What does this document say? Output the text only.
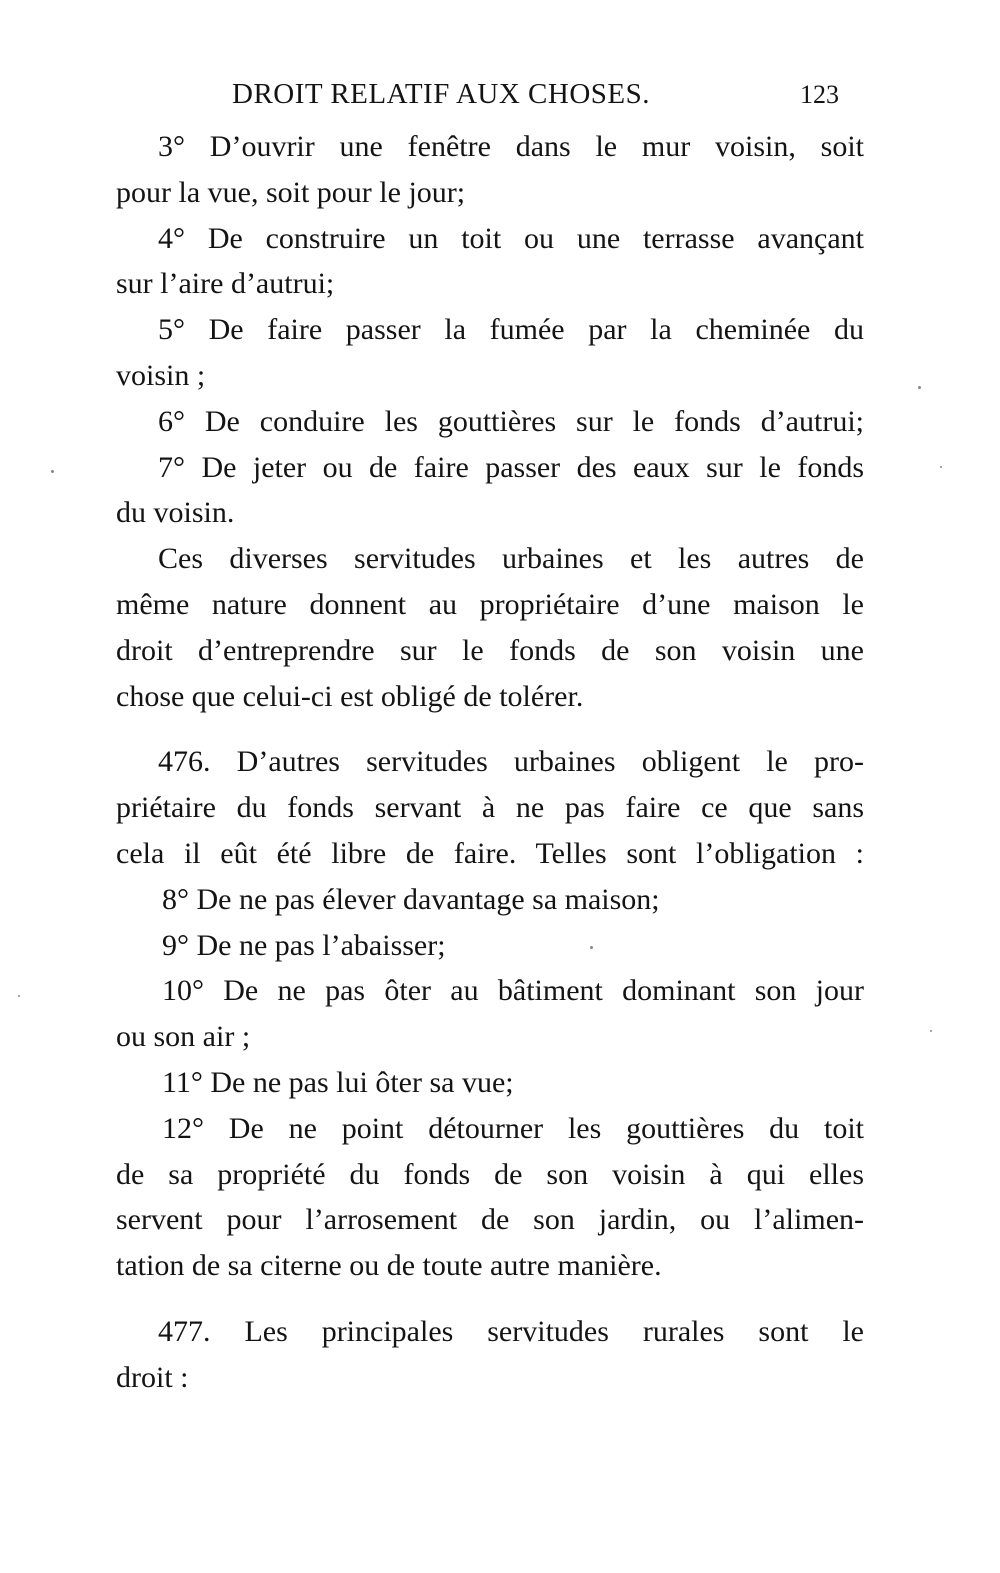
DROIT RELATIF AUX CHOSES.	123
3° D’ouvrir une fenêtre dans le mur voisin, soit
pour la vue, soit pour le jour;
4° De construire un toit ou une terrasse avançant
sur l’aire d’autrui;
5° De faire passer la fumée par la cheminée du
voisin ;
6° De conduire les gouttières sur le fonds d’autrui;
7° De jeter ou de faire passer des eaux sur le fonds
du voisin.
Ces diverses servitudes urbaines et les autres de
même nature donnent au propriétaire d’une maison le
droit d’entreprendre sur le fonds de son voisin une
chose que celui-ci est obligé de tolérer.
476. D’autres servitudes urbaines obligent le pro-
priétaire du fonds servant à ne pas faire ce que sans
cela il eût été libre de faire. Telles sont l’obligation :
8° De ne pas élever davantage sa maison;
9° De ne pas l’abaisser;
10° De ne pas ôter au bâtiment dominant son jour
ou son air ;
11° De ne pas lui ôter sa vue;
12° De ne point détourner les gouttières du toit
de sa propriété du fonds de son voisin à qui elles
servent pour l’arrosement de son jardin, ou l’alimen-
tation de sa citerne ou de toute autre manière.
477. Les principales servitudes rurales sont le
droit :
